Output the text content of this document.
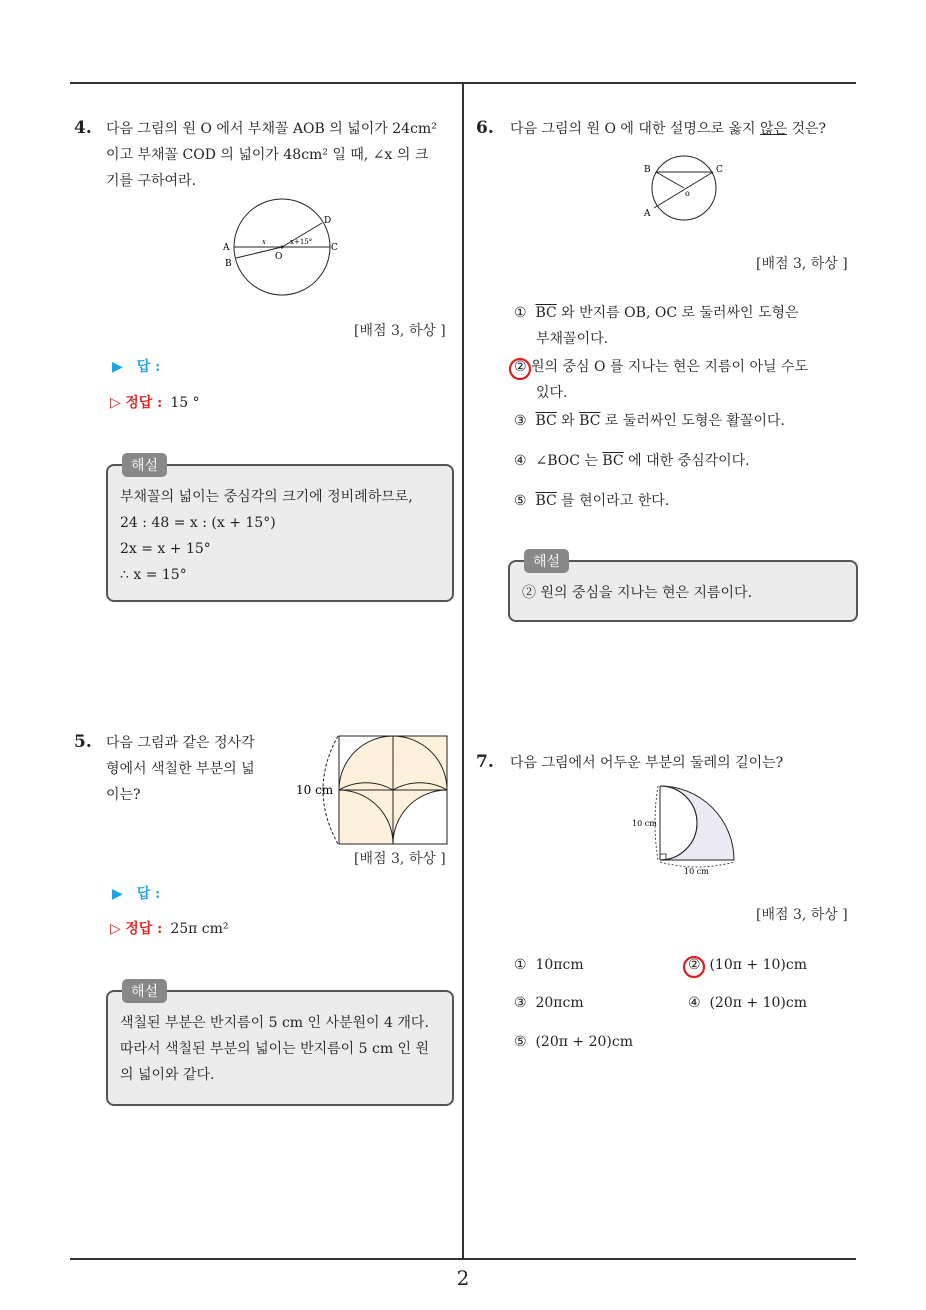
2
4. 다음 그림의 원 O 에서 부채꼴 AOB 의 넓이가 24cm²
이고 부채꼴 COD 의 넓이가 48cm² 일 때, ∠x 의 크
기를 구하여라.
A
B
C
D
O
x	x+15°
[배점 3, 하상 ]
▶ 답 :
▷ 정답 : 15 °
해설
부채꼴의 넓이는 중심각의 크기에 정비례하므로,
24 : 48 = x : (x + 15°)
2x = x + 15°
∴ x = 15°
5. 다음 그림과 같은 정사각
형에서 색칠한 부분의 넓
이는?	10 cm
[배점 3, 하상 ]
▶ 답 :
▷ 정답 : 25π cm²
해설
색칠된 부분은 반지름이 5 cm 인 사분원이 4 개다.
따라서 색칠된 부분의 넓이는 반지름이 5 cm 인 원
의 넓이와 같다.
6. 다음 그림의 원 O 에 대한 설명으로 옳지 않은 것은?
B	C
A
o
[배점 3, 하상 ]
① $\overline{BC}$ 와 반지름 OB, OC 로 둘러싸인 도형은
부채꼴이다.
② 원의 중심 O 를 지나는 현은 지름이 아닐 수도
있다.
③ $\overline{BC}$ 와 $\overline{BC}$ 로 둘러싸인 도형은 활꼴이다.
④ ∠BOC 는 $\overline{BC}$ 에 대한 중심각이다.
⑤ $\overline{BC}$ 를 현이라고 한다.
해설
② 원의 중심을 지나는 현은 지름이다.
7. 다음 그림에서 어두운 부분의 둘레의 길이는?
10 cm
10 cm
[배점 3, 하상 ]
① 10πcm	② (10π + 10)cm
③ 20πcm	④ (20π + 10)cm
⑤ (20π + 20)cm
